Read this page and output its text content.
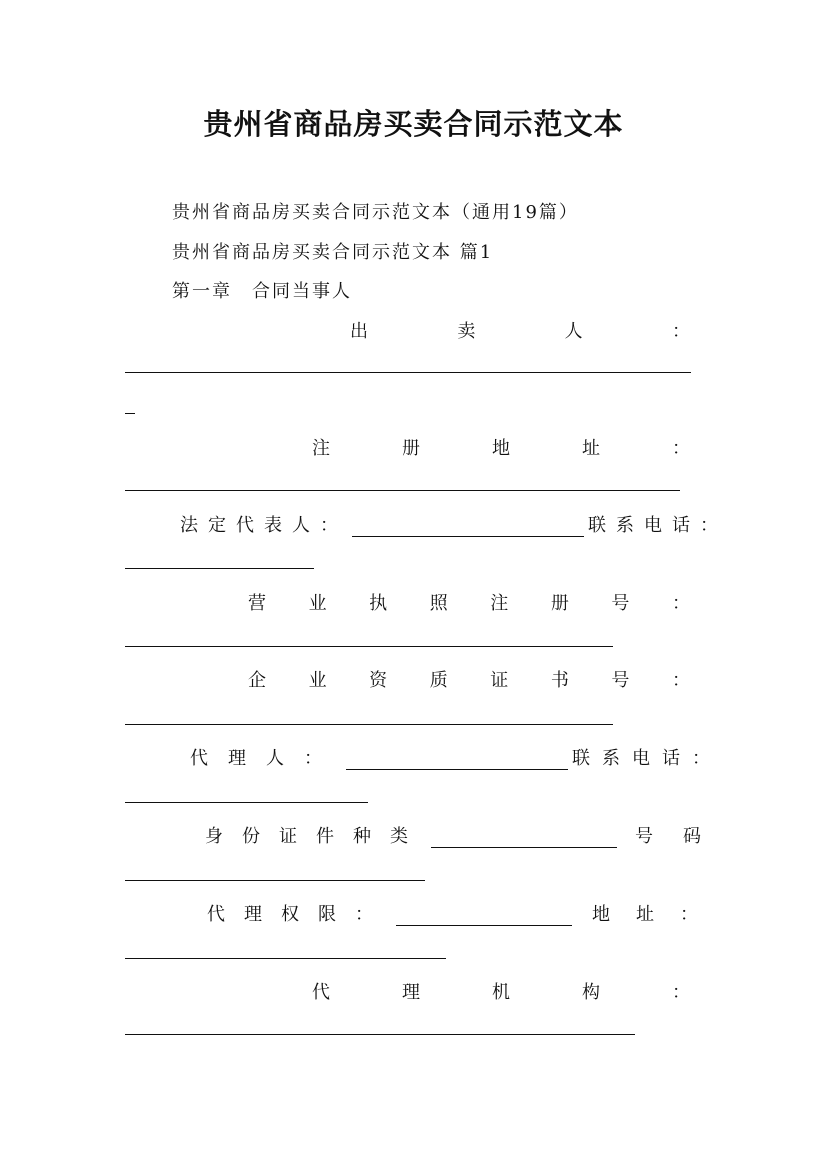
贵州省商品房买卖合同示范文本
贵州省商品房买卖合同示范文本（通用19篇）
贵州省商品房买卖合同示范文本 篇1
第一章　合同当事人
出	卖	人	：
注	册	地	址	：
法定代表人：	联系电话：
营 业 执 照 注 册 号 ：
企 业 资 质 证 书 号 ：
代理人：	联系电话：
身份证件种类	号码
代理权限：	地址：
代	理	机	构	：
